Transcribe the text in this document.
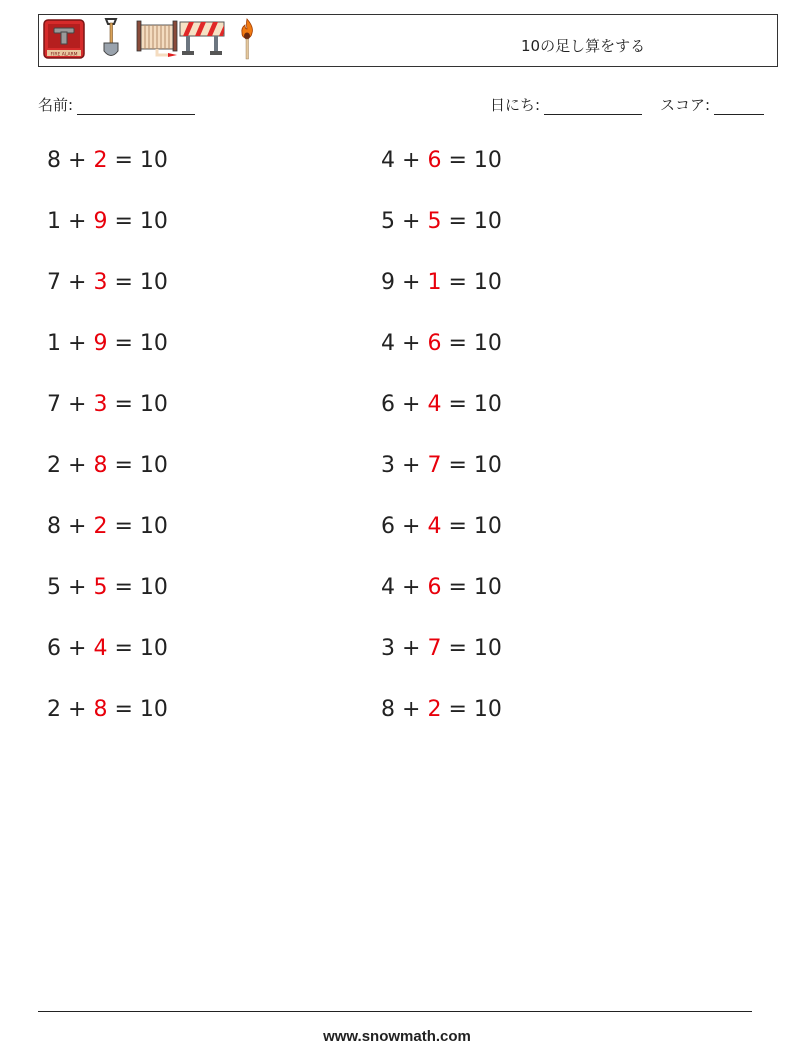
FIRE ALARM	10の足し算をする
名前:	日にち:	スコア:
8 + 2 = 10
1 + 9 = 10
7 + 3 = 10
1 + 9 = 10
7 + 3 = 10
2 + 8 = 10
8 + 2 = 10
5 + 5 = 10
6 + 4 = 10
2 + 8 = 10
4 + 6 = 10
5 + 5 = 10
9 + 1 = 10
4 + 6 = 10
6 + 4 = 10
3 + 7 = 10
6 + 4 = 10
4 + 6 = 10
3 + 7 = 10
8 + 2 = 10
www.snowmath.com
